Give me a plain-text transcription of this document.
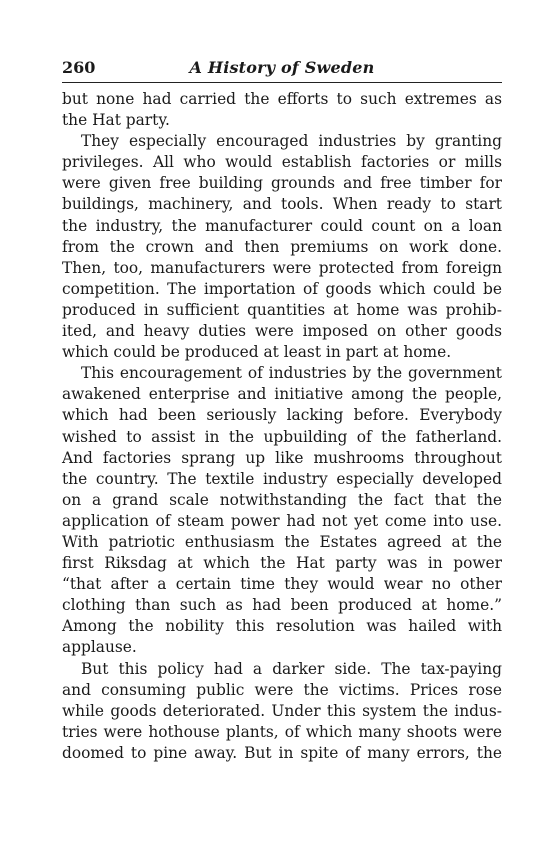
260	A History of Sweden
but none had carried the efforts to such extremes as
the Hat party.
They especially encouraged industries by granting
privileges. All who would establish factories or mills
were given free building grounds and free timber for
buildings, machinery, and tools. When ready to start
the industry, the manufacturer could count on a loan
from the crown and then premiums on work done.
Then, too, manufacturers were protected from foreign
competition. The importation of goods which could be
produced in sufficient quantities at home was prohib-
ited, and heavy duties were imposed on other goods
which could be produced at least in part at home.
This encouragement of industries by the government
awakened enterprise and initiative among the people,
which had been seriously lacking before. Everybody
wished to assist in the upbuilding of the fatherland.
And factories sprang up like mushrooms throughout
the country. The textile industry especially developed
on a grand scale notwithstanding the fact that the
application of steam power had not yet come into use.
With patriotic enthusiasm the Estates agreed at the
first Riksdag at which the Hat party was in power
“that after a certain time they would wear no other
clothing than such as had been produced at home.”
Among the nobility this resolution was hailed with
applause.
But this policy had a darker side. The tax-paying
and consuming public were the victims. Prices rose
while goods deteriorated. Under this system the indus-
tries were hothouse plants, of which many shoots were
doomed to pine away. But in spite of many errors, the
